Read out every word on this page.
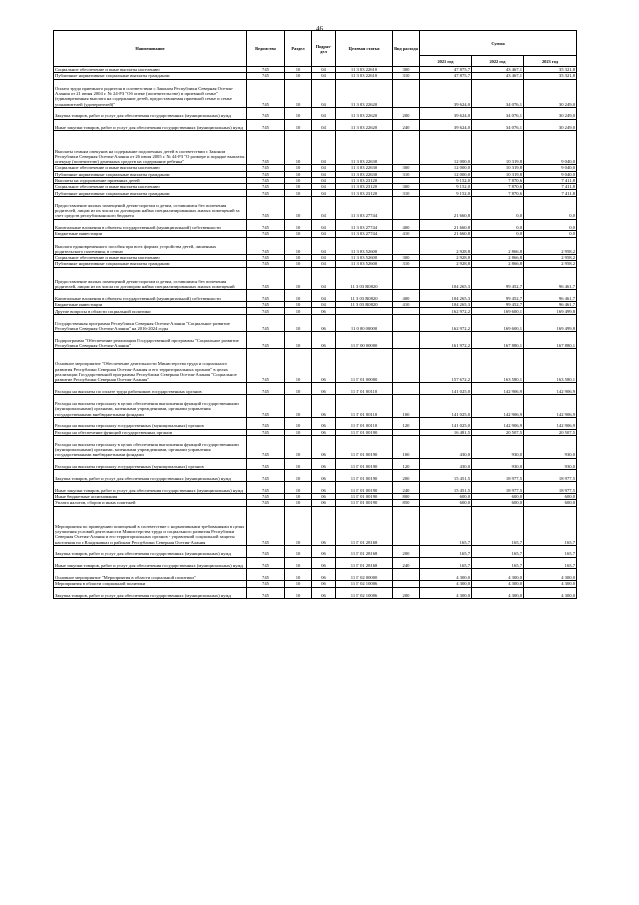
46
Наименование	Ведомство	Раздел	Подраз-дел	Целевая статья	Вид расхода	Сумма		
						2021 год	2022 год	2023 год
Социальное обеспечение и иные выплаты населению	745	10	04	11 3 03 22610	300	47 875,7	43 467,1	35 321,8
Публичные нормативные социальные выплаты гражданам	745	10	04	11 3 03 22610	310	47 875,7	43 467,1	35 321,8
Оплата труда приемного родителя в соответствии с Законом Республики Северная Осетия-Алания от 21 июня 2004 г. № 24-РЗ "Об опеке (попечительстве) и приемной семье" (единовременная выплата на содержание детей, предоставляемая приемной семье и семье усыновителей (удочерителей)"	745	10	04	11 3 03 22620		39 624,0	34 076,1	30 249,0
Закупка товаров, работ и услуг для обеспечения государственных (муниципальных) нужд	745	10	04	11 3 03 22620	200	39 624,0	34 076,1	30 249,0
Иные закупки товаров, работ и услуг для обеспечения государственных (муниципальных) нужд	745	10	04	11 3 03 22620	240	39 624,0	34 076,1	30 249,0
Выплаты семьям опекунов на содержание подопечных детей в соответствии с Законом Республики Северная Осетия-Алания от 26 июля 2005 г. № 44-РЗ "О размере и порядке выплаты опекуну (попечителю) денежных средств на содержание ребенка"	745	10	04	11 3 03 22630		12 000,0	10 319,8	9 040,0
Социальное обеспечение и иные выплаты населению	745	10	04	11 3 03 22630	300	12 000,0	10 319,8	9 040,0
Публичные нормативные социальные выплаты гражданам	745	10	04	11 3 03 22630	310	12 000,0	10 319,8	9 040,0
Выплаты на оздоровление приемных детей	745	10	04	11 3 03 23120		9 152,0	7 870,6	7 411,8
Социальное обеспечение и иные выплаты населению	745	10	04	11 3 03 23120	300	9 152,0	7 870,6	7 411,8
Публичные нормативные социальные выплаты гражданам	745	10	04	11 3 03 23120	310	9 152,0	7 870,6	7 411,8
Предоставление жилых помещений детям-сиротам и детям, оставшимся без попечения родителей, лицам из их числа по договорам найма специализированных жилых помещений за счет средств республиканского бюджета	745	10	04	11 3 03 27744		21 660,8	0,0	0,0
Капитальные вложения в объекты государственной (муниципальной) собственности	745	10	04	11 3 03 27744	400	21 660,8	0,0	0,0
Бюджетные инвестиции	745	10	04	11 3 03 27744	410	21 660,8	0,0	0,0
Выплата единовременного пособия при всех формах устройства детей, лишенных родительского попечения, в семью	745	10	04	11 3 03 52600		2 928,8	2 866,8	2 958,2
Социальное обеспечение и иные выплаты населению	745	10	04	11 3 03 52600	300	2 928,8	2 866,8	2 958,2
Публичные нормативные социальные выплаты гражданам	745	10	04	11 3 03 52600	310	2 928,8	2 866,8	2 958,2
Предоставление жилых помещений детям-сиротам и детям, оставшимся без попечения родителей, лицам из их числа по договорам найма специализированных жилых помещений	745	10	04	11 3 03 R0820		104 265,3	99 452,7	96 461,7
Капитальные вложения в объекты государственной (муниципальной) собственности	745	10	04	11 3 03 R0820	400	104 265,3	99 452,7	96 461,7
Бюджетные инвестиции	745	10	04	11 3 03 R0820	410	104 265,3	99 452,7	96 461,7
Другие вопросы в области социальной политики	745	10	06			162 972,2	169 600,1	169 499,8
Государственная программа Республики Северная Осетия-Алания "Социальное развитие Республики Северная Осетия-Алания" на 2016-2024 годы	745	10	06	11 0 00 00000		162 972,2	169 600,1	169 499,8
Подпрограмма "Обеспечение реализации Государственной программы "Социальное развитие Республики Северная Осетия-Алания"	745	10	06	11 Г 00 00000		161 972,2	167 880,1	167 880,1
Основное мероприятие "Обеспечение деятельности Министерства труда и социального развития Республики Северная Осетия-Алания и его территориальных органов" в целях реализации Государственной программы Республики Северная Осетия-Алания "Социальное развитие Республики Северная Осетия-Алания"	745	10	06	11 Г 01 00000		157 672,2	163 580,1	163 580,1
Расходы на выплаты по оплате труда работников государственных органов	745	10	06	11 Г 01 00110		141 025,0	142 906,9	142 906,9
Расходы на выплаты персоналу в целях обеспечения выполнения функций государственными (муниципальными) органами, казенными учреждениями, органами управления государственными внебюджетными фондами	745	10	06	11 Г 01 00110	100	141 025,0	142 906,9	142 906,9
Расходы на выплаты персоналу государственных (муниципальных) органов	745	10	06	11 Г 01 00110	120	141 025,0	142 906,9	142 906,9
Расходы на обеспечение функций государственных органов	745	10	06	11 Г 01 00190		16 481,5	20 507,5	20 507,5
Расходы на выплаты персоналу в целях обеспечения выполнения функций государственными (муниципальными) органами, казенными учреждениями, органами управления государственными внебюджетными фондами	745	10	06	11 Г 01 00190	100	430,0	930,0	930,0
Расходы на выплаты персоналу государственных (муниципальных) органов	745	10	06	11 Г 01 00190	120	430,0	930,0	930,0
Закупка товаров, работ и услуг для обеспечения государственных (муниципальных) нужд	745	10	06	11 Г 01 00190	200	15 451,5	18 977,5	18 977,5
Иные закупки товаров, работ и услуг для обеспечения государственных (муниципальных) нужд	745	10	06	11 Г 01 00190	240	15 451,5	18 977,5	18 977,5
Иные бюджетные ассигнования	745	10	06	11 Г 01 00190	800	600,0	600,0	600,0
Уплата налогов, сборов и иных платежей	745	10	06	11 Г 01 00190	850	600,0	600,0	600,0
Мероприятия по приведению помещений в соответствие с нормативными требованиями в целях улучшения условий деятельности Министерства труда и социального развития Республики Северная Осетия-Алания и его территориальных органов - управлений социальной защиты населения по г.Владикавказ и районам Республики Северная Осетия-Алания	745	10	06	11 Г 01 28168		165,7	165,7	165,7
Закупка товаров, работ и услуг для обеспечения государственных (муниципальных) нужд	745	10	06	11 Г 01 28168	200	165,7	165,7	165,7
Иные закупки товаров, работ и услуг для обеспечения государственных (муниципальных) нужд	745	10	06	11 Г 01 28168	240	165,7	165,7	165,7
Основное мероприятие "Мероприятия в области социальной политики"	745	10	06	11 Г 02 00000		4 300,0	4 300,0	4 300,0
Мероприятия в области социальной политики	745	10	06	11 Г 02 10006		4 300,0	4 300,0	4 300,0
Закупка товаров, работ и услуг для обеспечения государственных (муниципальных) нужд	745	10	06	11 Г 02 10006	200	4 300,0	4 300,0	4 300,0
